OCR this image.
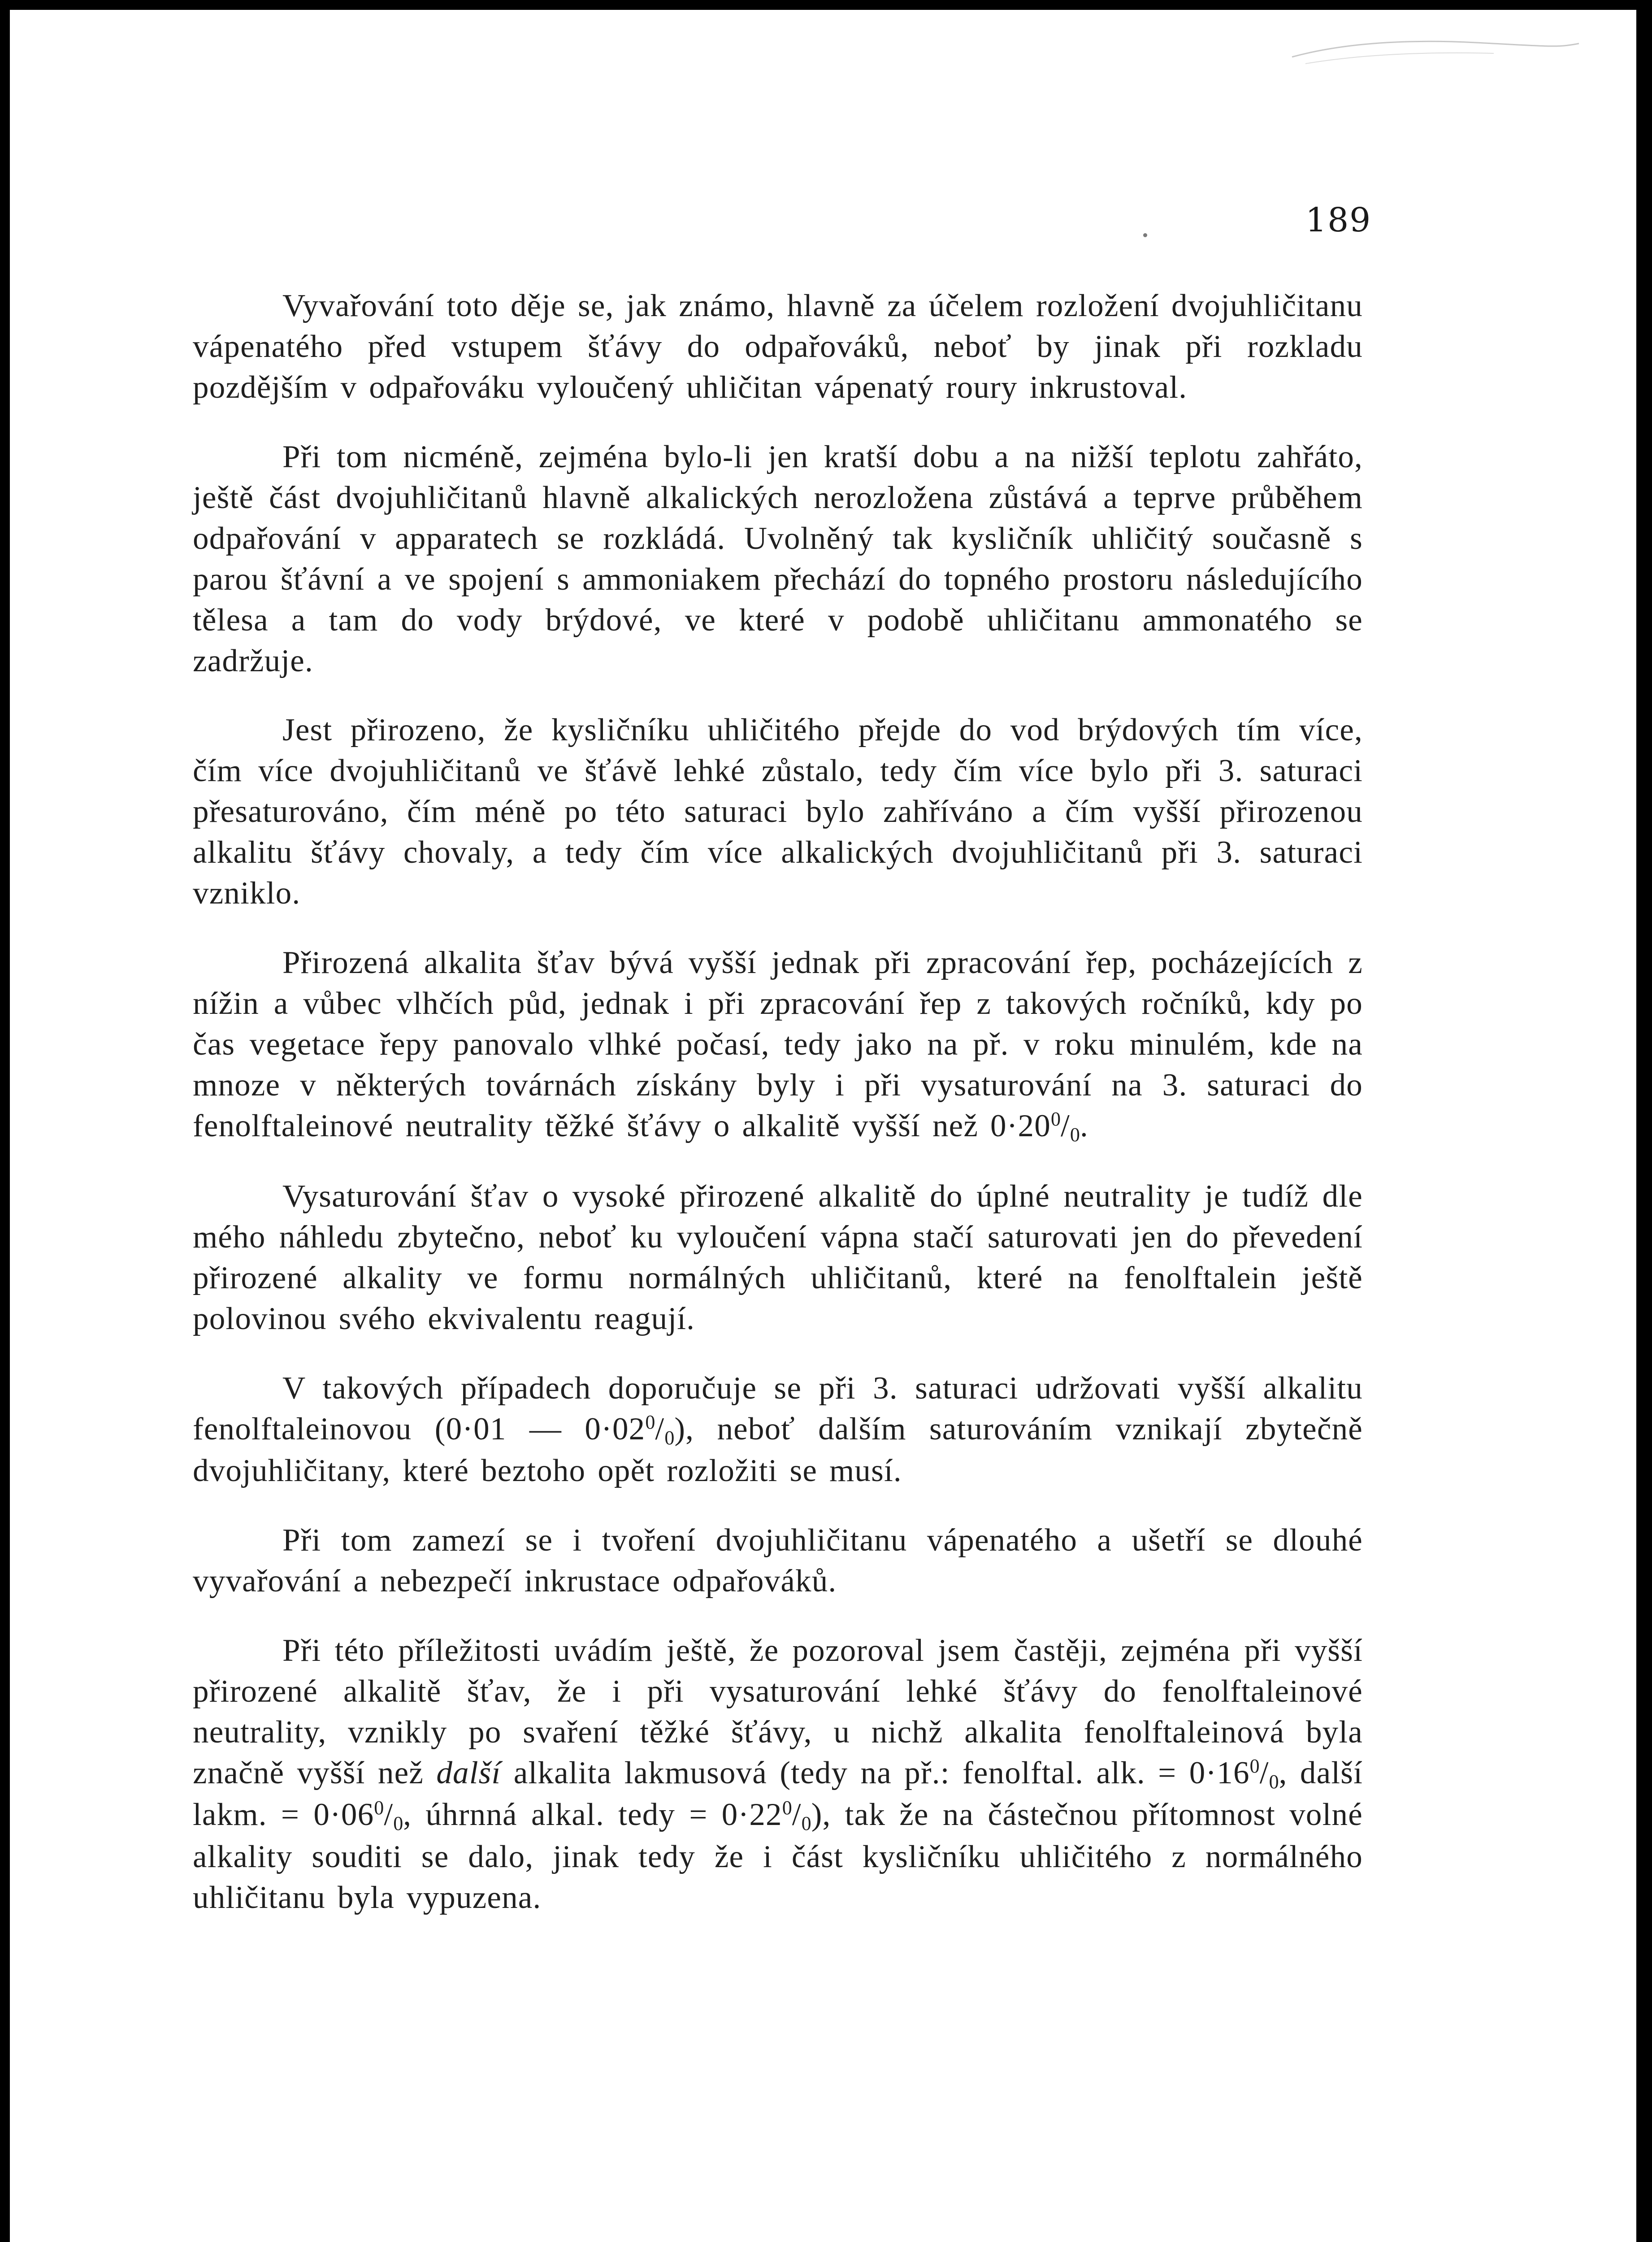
189

Vyvařování toto děje se, jak známo, hlavně za účelem rozložení dvojuhličitanu vápenatého před vstupem šťávy do odpařováků, neboť by jinak při rozkladu pozdějším v odpařováku vyloučený uhličitan vápenatý roury inkrustoval.

Při tom nicméně, zejména bylo-li jen kratší dobu a na nižší teplotu zahřáto, ještě část dvojuhličitanů hlavně alkalických nerozložena zůstává a teprve průběhem odpařování v apparatech se rozkládá. Uvolněný tak kysličník uhličitý současně s parou šťávní a ve spojení s ammoniakem přechází do topného prostoru následujícího tělesa a tam do vody brýdové, ve které v podobě uhličitanu ammonatého se zadržuje.

Jest přirozeno, že kysličníku uhličitého přejde do vod brýdových tím více, čím více dvojuhličitanů ve šťávě lehké zůstalo, tedy čím více bylo při 3. saturaci přesaturováno, čím méně po této saturaci bylo zahříváno a čím vyšší přirozenou alkalitu šťávy chovaly, a tedy čím více alkalických dvojuhličitanů při 3. saturaci vzniklo.

Přirozená alkalita šťav bývá vyšší jednak při zpracování řep, pocházejících z nížin a vůbec vlhčích půd, jednak i při zpracování řep z takových ročníků, kdy po čas vegetace řepy panovalo vlhké počasí, tedy jako na př. v roku minulém, kde na mnoze v některých továrnách získány byly i při vysaturování na 3. saturaci do fenolftaleinové neutrality těžké šťávy o alkalitě vyšší než $0\cdot 20^0/_0$.

Vysaturování šťav o vysoké přirozené alkalitě do úplné neutrality je tudíž dle mého náhledu zbytečno, neboť ku vyloučení vápna stačí saturovati jen do převedení přirozené alkality ve formu normálných uhličitanů, které na fenolftalein ještě polovinou svého ekvivalentu reagují.

V takových případech doporučuje se při 3. saturaci udržovati vyšší alkalitu fenolftaleinovou (0·01 — $0\cdot 02^0/_0$), neboť dalším saturováním vznikají zbytečně dvojuhličitany, které beztoho opět rozložiti se musí.

Při tom zamezí se i tvoření dvojuhličitanu vápenatého a ušetří se dlouhé vyvařování a nebezpečí inkrustace odpařováků.

Při této příležitosti uvádím ještě, že pozoroval jsem častěji, zejména při vyšší přirozené alkalitě šťav, že i při vysaturování lehké šťávy do fenolftaleinové neutrality, vznikly po svaření těžké šťávy, u nichž alkalita fenolftaleinová byla značně vyšší než další alkalita lakmusová (tedy na př.: fenolftal. alk. = $0\cdot 16^0/_0$, další lakm. = $0\cdot 06^0/_0$, úhrnná alkal. tedy = $0\cdot 22^0/_0$), tak že na částečnou přítomnost volné alkality souditi se dalo, jinak tedy že i část kysličníku uhličitého z normálného uhličitanu byla vypuzena.
